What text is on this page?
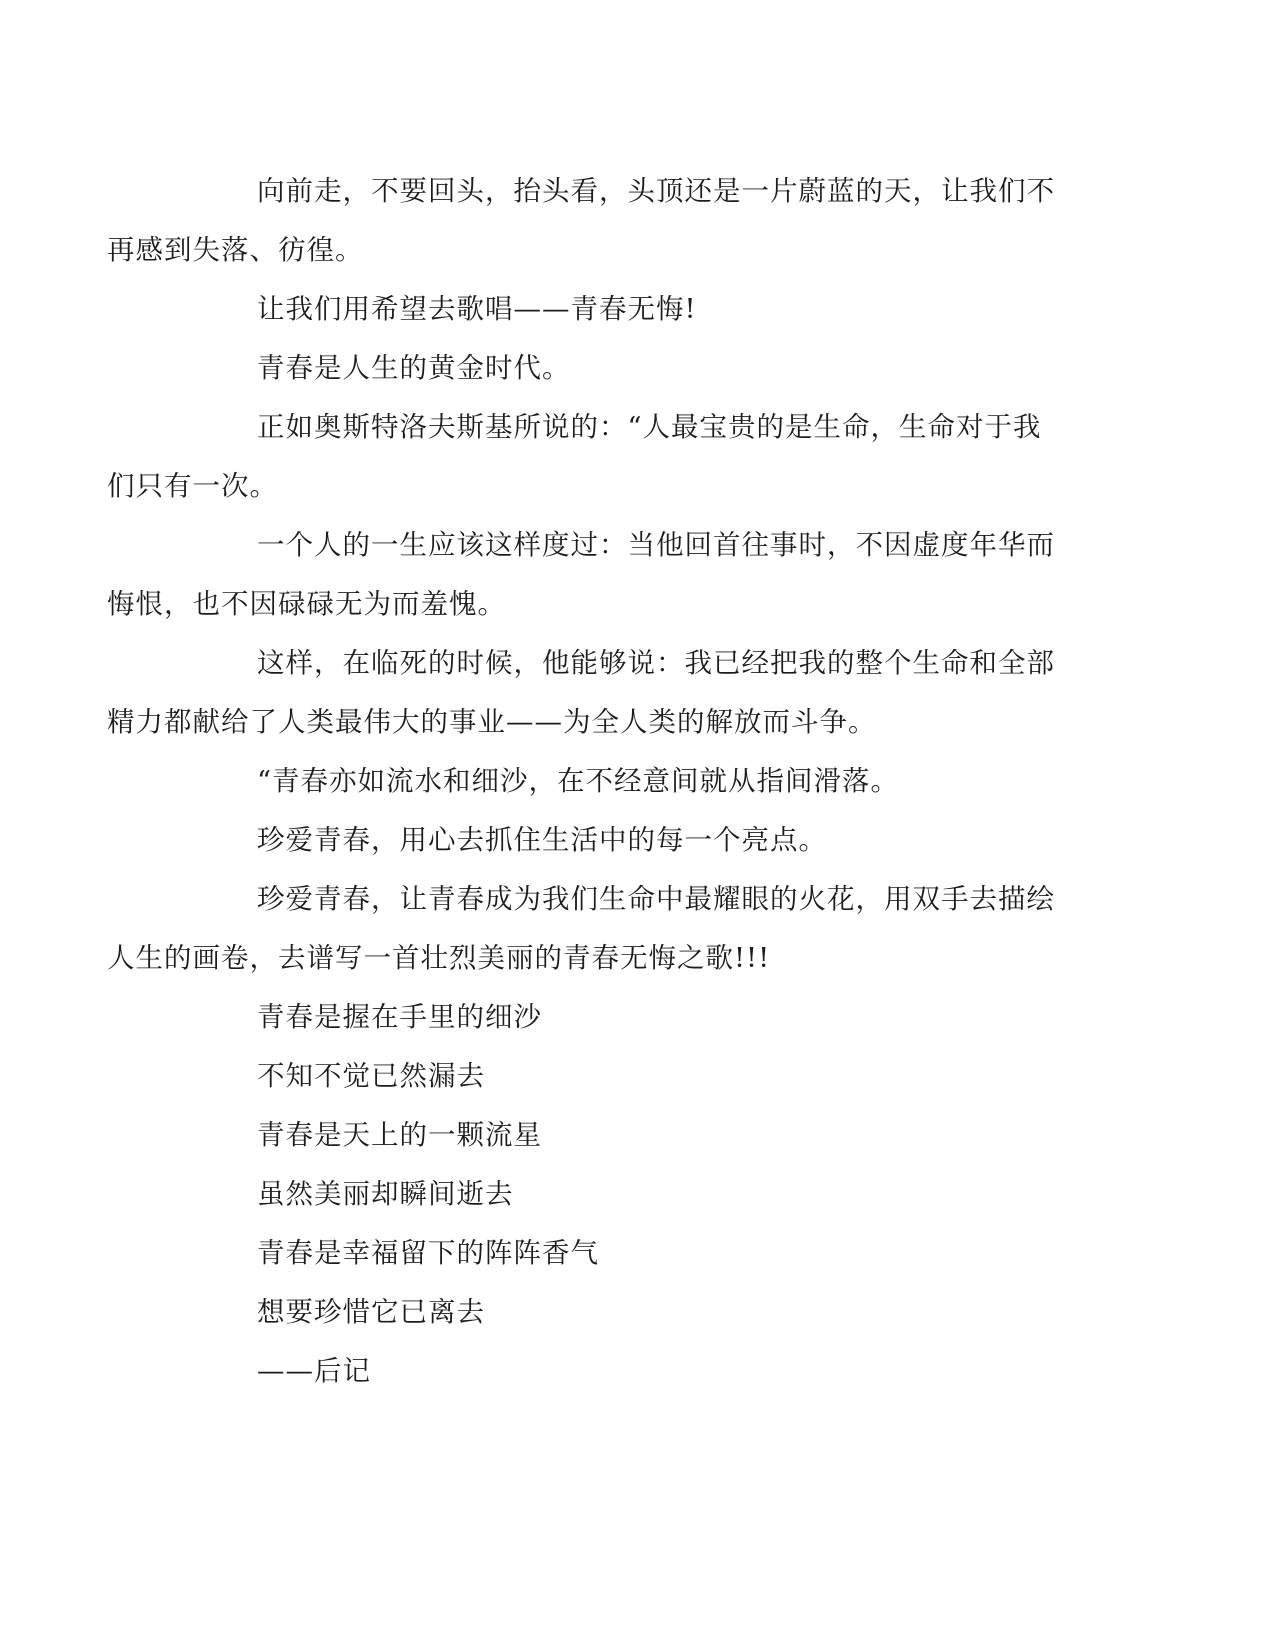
向前走，不要回头，抬头看，头顶还是一片蔚蓝的天，让我们不
再感到失落、彷徨。

让我们用希望去歌唱——青春无悔!

青春是人生的黄金时代。

正如奥斯特洛夫斯基所说的：“人最宝贵的是生命，生命对于我
们只有一次。

一个人的一生应该这样度过：当他回首往事时，不因虚度年华而
悔恨，也不因碌碌无为而羞愧。

这样，在临死的时候，他能够说：我已经把我的整个生命和全部
精力都献给了人类最伟大的事业——为全人类的解放而斗争。

“青春亦如流水和细沙，在不经意间就从指间滑落。

珍爱青春，用心去抓住生活中的每一个亮点。

珍爱青春，让青春成为我们生命中最耀眼的火花，用双手去描绘
人生的画卷，去谱写一首壮烈美丽的青春无悔之歌!!!

青春是握在手里的细沙

不知不觉已然漏去

青春是天上的一颗流星

虽然美丽却瞬间逝去

青春是幸福留下的阵阵香气

想要珍惜它已离去

——后记
